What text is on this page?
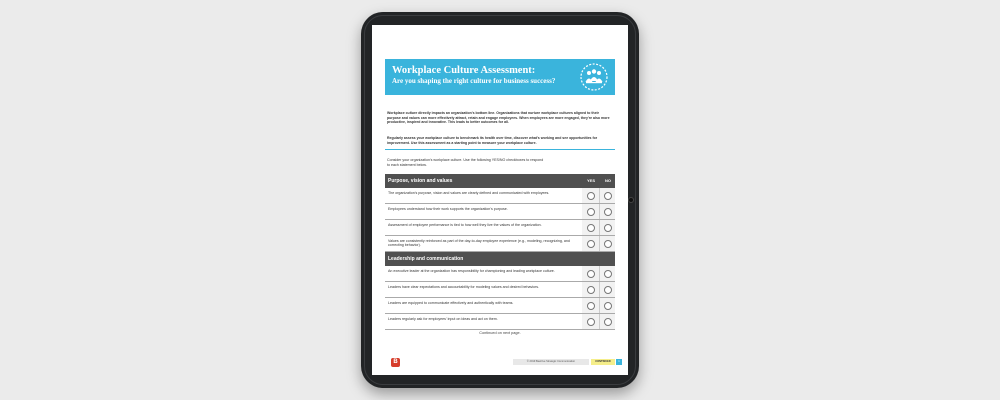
Workplace Culture Assessment:
Are you shaping the right culture for business success?
Workplace culture directly impacts an organization's bottom line. Organizations that nurture workplace cultures aligned to their purpose and values can more effectively attract, retain and engage employees. When employees are more engaged, they're also more productive, inspired and innovative. This leads to better outcomes for all.
Regularly assess your workplace culture to benchmark its health over time, discover what's working and see opportunities for improvement. Use this assessment as a starting point to measure your workplace culture.
Consider your organization's workplace culture. Use the following YES/NO checkboxes to respond to each statement below.
Purpose, vision and values	YES	NO
The organization's purpose, vision and values are clearly defined and communicated with employees.
Employees understand how their work supports the organization's purpose.
Assessment of employee performance is tied to how well they live the values of the organization.
Values are consistently reinforced as part of the day-to-day employee experience (e.g., modeling, recognizing, and correcting behavior).
Leadership and communication
An executive leader at the organization has responsibility for championing and leading workplace culture.
Leaders have clear expectations and accountability for modeling values and desired behaviors.
Leaders are equipped to communicate effectively and authentically with teams.
Leaders regularly ask for employees' input on ideas and act on them.
Continued on next page.
B	© 2019 Beehive Strategic Communication	CONTINUED	1
